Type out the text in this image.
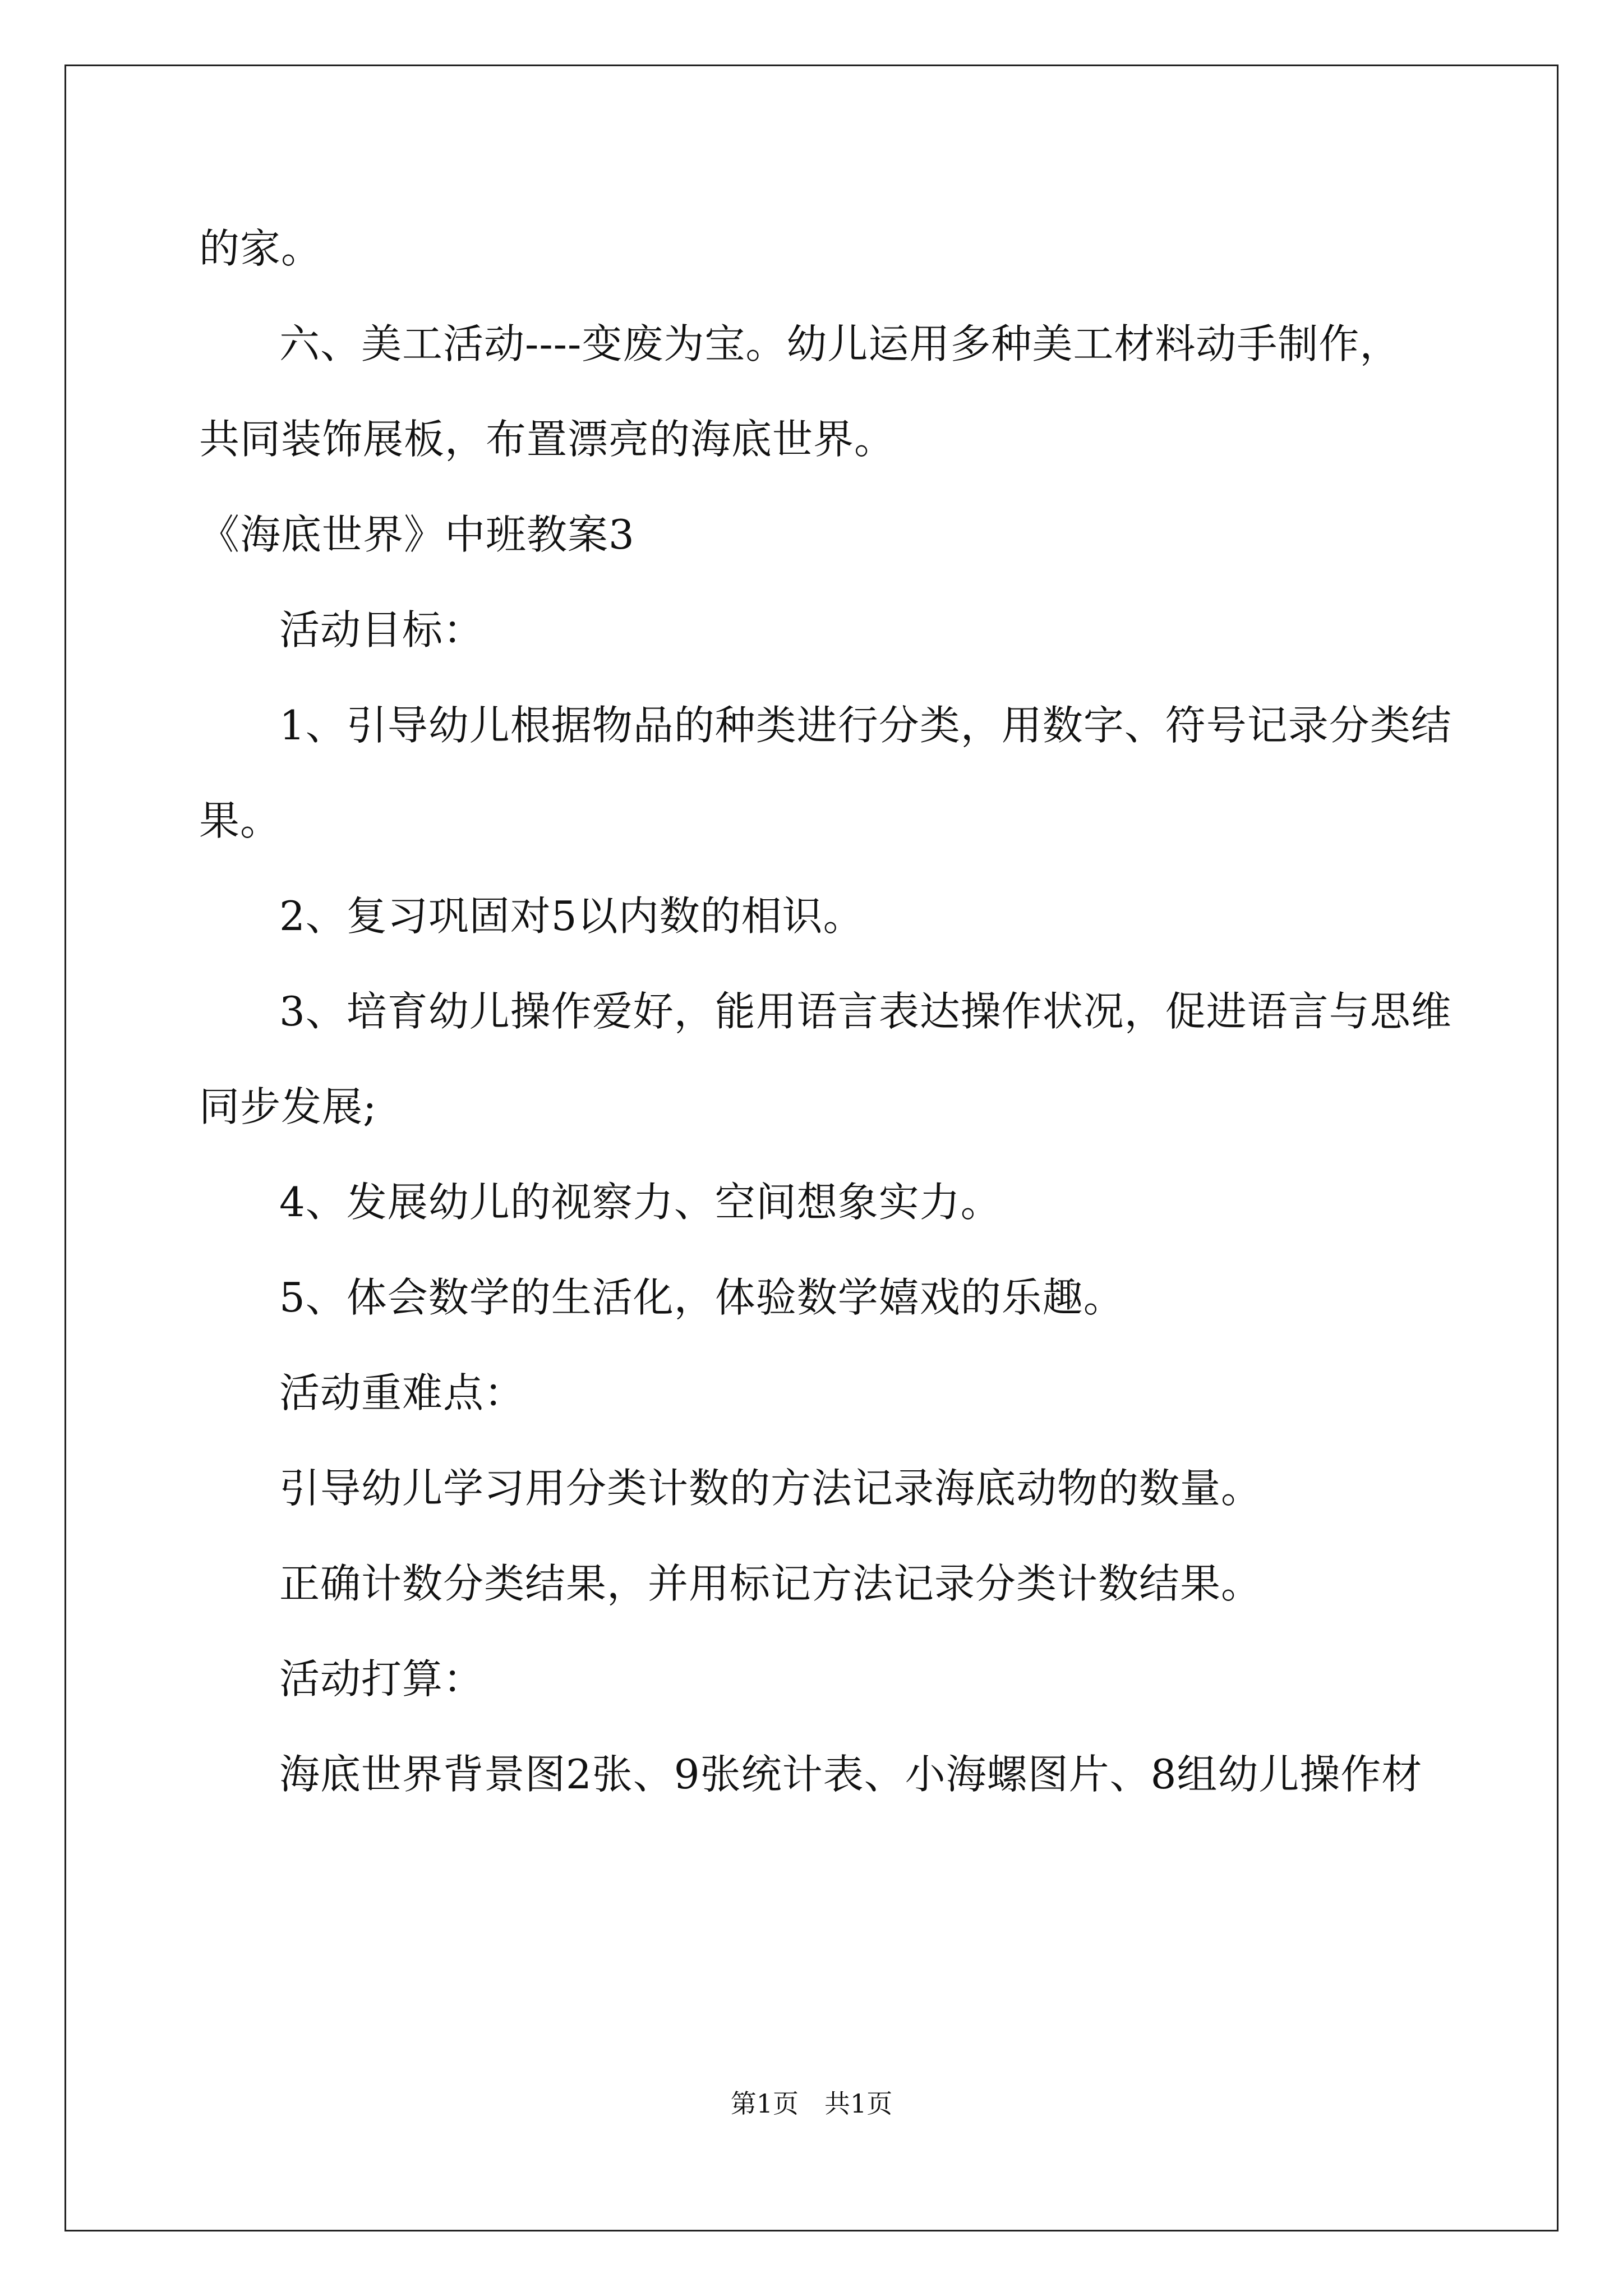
的家。
六、美工活动----变废为宝。幼儿运用多种美工材料动手制作，
共同装饰展板，布置漂亮的海底世界。
《海底世界》中班教案3
活动目标：
1、引导幼儿根据物品的种类进行分类，用数字、符号记录分类结
果。
2、复习巩固对5以内数的相识。
3、培育幼儿操作爱好，能用语言表达操作状况，促进语言与思维
同步发展;
4、发展幼儿的视察力、空间想象实力。
5、体会数学的生活化，体验数学嬉戏的乐趣。
活动重难点：
引导幼儿学习用分类计数的方法记录海底动物的数量。
正确计数分类结果，并用标记方法记录分类计数结果。
活动打算：
海底世界背景图2张、9张统计表、小海螺图片、8组幼儿操作材
第1页　共1页
